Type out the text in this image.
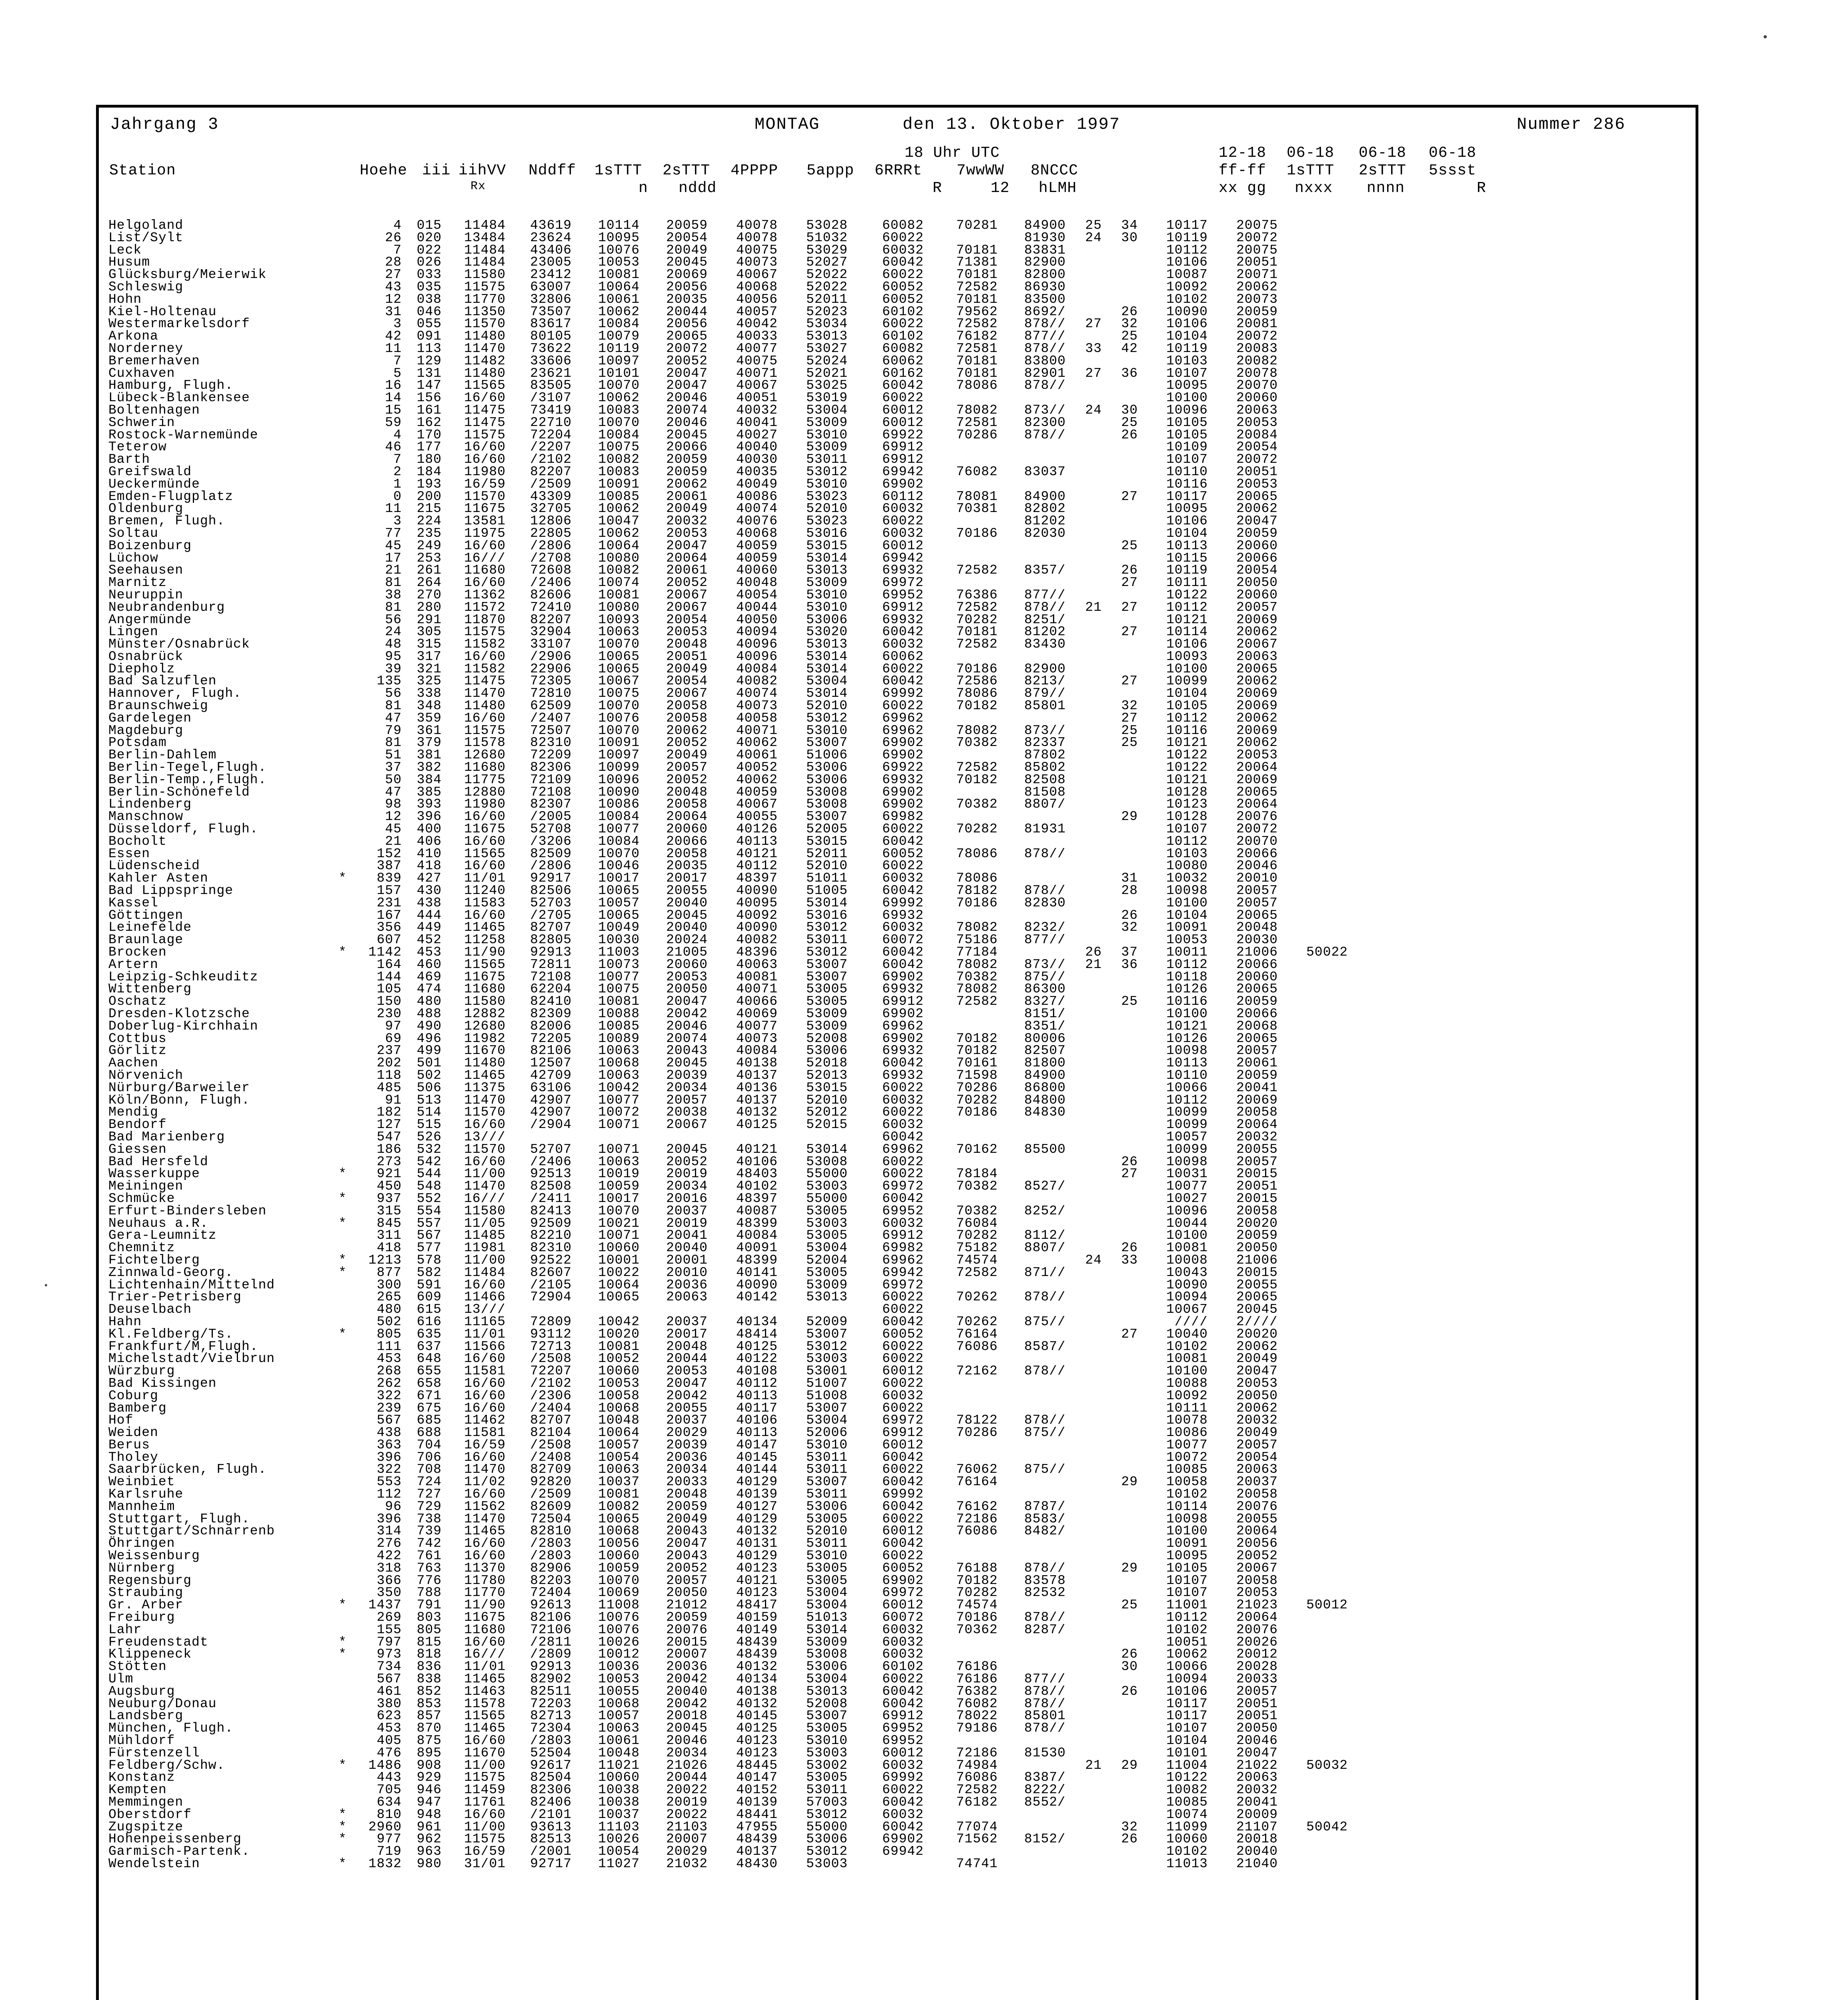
Jahrgang 3	MONTAG	den 13. Oktober 1997	Nummer 286
18 Uhr UTC	12-18 06-18 06-18 06-18
Station	Hoehe iii iihVV Nddff 1sTTT 2sTTT 4PPPP 5appp 6RRRt 7wwWW 8NCCC	ff-ff 1sTTT 2sTTT 5ssst
Rx	n nddd	R	12 hLMH	xx gg nxxx nnnn	R
Helgoland	4	015	11484	43619	10114	20059	40078	53028	60082	70281	84900	25	34	10117	20075	
List/Sylt	26	020	13484	23624	10095	20054	40078	51032	60022		81930	24	30	10119	20072	
Leck	7	022	11484	43406	10076	20049	40075	53029	60032	70181	83831			10112	20075	
Husum	28	026	11484	23005	10053	20045	40073	52027	60042	71381	82900			10106	20051	
Glücksburg/Meierwik	27	033	11580	23412	10081	20069	40067	52022	60022	70181	82800			10087	20071	
Schleswig	43	035	11575	63007	10064	20056	40068	52022	60052	72582	86930			10092	20062	
Hohn	12	038	11770	32806	10061	20035	40056	52011	60052	70181	83500			10102	20073	
Kiel-Holtenau	31	046	11350	73507	10062	20044	40057	52023	60102	79562	8692/		26	10090	20059	
Westermarkelsdorf	3	055	11570	83617	10084	20056	40042	53034	60022	72582	878//	27	32	10106	20081	
Arkona	42	091	11480	80105	10079	20065	40033	53013	60102	76182	877//		25	10104	20072	
Norderney	11	113	11470	73622	10119	20072	40077	53027	60082	72581	878//	33	42	10119	20083	
Bremerhaven	7	129	11482	33606	10097	20052	40075	52024	60062	70181	83800			10103	20082	
Cuxhaven	5	131	11480	23621	10101	20047	40071	52021	60162	70181	82901	27	36	10107	20078	
Hamburg, Flugh.	16	147	11565	83505	10070	20047	40067	53025	60042	78086	878//			10095	20070	
Lübeck-Blankensee	14	156	16/60	/3107	10062	20046	40051	53019	60022					10100	20060	
Boltenhagen	15	161	11475	73419	10083	20074	40032	53004	60012	78082	873//	24	30	10096	20063	
Schwerin	59	162	11475	22710	10070	20046	40041	53009	60012	72581	82300		25	10105	20053	
Rostock-Warnemünde	4	170	11575	72204	10084	20045	40027	53010	69922	70286	878//		26	10105	20084	
Teterow	46	177	16/60	/2207	10075	20066	40040	53009	69912					10109	20054	
Barth	7	180	16/60	/2102	10082	20059	40030	53011	69912					10107	20072	
Greifswald	2	184	11980	82207	10083	20059	40035	53012	69942	76082	83037			10110	20051	
Ueckermünde	1	193	16/59	/2509	10091	20062	40049	53010	69902					10116	20053	
Emden-Flugplatz	0	200	11570	43309	10085	20061	40086	53023	60112	78081	84900		27	10117	20065	
Oldenburg	11	215	11675	32705	10062	20049	40074	52010	60032	70381	82802			10095	20062	
Bremen, Flugh.	3	224	13581	12806	10047	20032	40076	53023	60022		81202			10106	20047	
Soltau	77	235	11975	22805	10062	20053	40068	53016	60032	70186	82030			10104	20059	
Boizenburg	45	249	16/60	/2806	10064	20047	40059	53015	60012				25	10113	20060	
Lüchow	17	253	16///	/2708	10080	20064	40059	53014	69942					10115	20066	
Seehausen	21	261	11680	72608	10082	20061	40060	53013	69932	72582	8357/		26	10119	20054	
Marnitz	81	264	16/60	/2406	10074	20052	40048	53009	69972				27	10111	20050	
Neuruppin	38	270	11362	82606	10081	20067	40054	53010	69952	76386	877//			10122	20060	
Neubrandenburg	81	280	11572	72410	10080	20067	40044	53010	69912	72582	878//	21	27	10112	20057	
Angermünde	56	291	11870	82207	10093	20054	40050	53006	69932	70282	8251/			10121	20069	
Lingen	24	305	11575	32904	10063	20053	40094	53020	60042	70181	81202		27	10114	20062	
Münster/Osnabrück	48	315	11582	33107	10070	20048	40096	53013	60032	72582	83430			10106	20067	
Osnabrück	95	317	16/60	/2906	10065	20051	40096	53014	60062					10093	20063	
Diepholz	39	321	11582	22906	10065	20049	40084	53014	60022	70186	82900			10100	20065	
Bad Salzuflen	135	325	11475	72305	10067	20054	40082	53004	60042	72586	8213/		27	10099	20062	
Hannover, Flugh.	56	338	11470	72810	10075	20067	40074	53014	69992	78086	879//			10104	20069	
Braunschweig	81	348	11480	62509	10070	20058	40073	52010	60022	70182	85801		32	10105	20069	
Gardelegen	47	359	16/60	/2407	10076	20058	40058	53012	69962				27	10112	20062	
Magdeburg	79	361	11575	72507	10070	20062	40071	53010	69962	78082	873//		25	10116	20069	
Potsdam	81	379	11578	82310	10091	20052	40062	53007	69902	70382	82337		25	10121	20062	
Berlin-Dahlem	51	381	12680	72209	10097	20049	40061	51006	69902		87802			10122	20053	
Berlin-Tegel,Flugh.	37	382	11680	82306	10099	20057	40052	53006	69922	72582	85802			10122	20064	
Berlin-Temp.,Flugh.	50	384	11775	72109	10096	20052	40062	53006	69932	70182	82508			10121	20069	
Berlin-Schönefeld	47	385	12880	72108	10090	20048	40059	53008	69902		81508			10128	20065	
Lindenberg	98	393	11980	82307	10086	20058	40067	53008	69902	70382	8807/			10123	20064	
Manschnow	12	396	16/60	/2005	10084	20064	40055	53007	69982				29	10128	20076	
Düsseldorf, Flugh.	45	400	11675	52708	10077	20060	40126	52005	60022	70282	81931			10107	20072	
Bocholt	21	406	16/60	/3206	10084	20066	40113	53015	60042					10112	20070	
Essen	152	410	11565	82509	10070	20058	40121	52011	60052	78086	878//			10103	20066	
Lüdenscheid	387	418	16/60	/2806	10046	20035	40112	52010	60022					10080	20046	
Kahler Asten *	839	427	11/01	92917	10017	20017	48397	51011	60032	78086			31	10032	20010	
Bad Lippspringe	157	430	11240	82506	10065	20055	40090	51005	60042	78182	878//		28	10098	20057	
Kassel	231	438	11583	52703	10057	20040	40095	53014	69992	70186	82830			10100	20057	
Göttingen	167	444	16/60	/2705	10065	20045	40092	53016	69932				26	10104	20065	
Leinefelde	356	449	11465	82707	10049	20040	40090	53012	60032	78082	8232/		32	10091	20048	
Braunlage	607	452	11258	82805	10030	20024	40082	53011	60072	75186	877//			10053	20030	
Brocken *	1142	453	11/90	92913	11003	21005	48396	53012	60042	77184		26	37	10011	21006	50022
Artern	164	460	11565	72811	10073	20060	40063	53007	60042	78082	873//	21	36	10112	20066	
Leipzig-Schkeuditz	144	469	11675	72108	10077	20053	40081	53007	69902	70382	875//			10118	20060	
Wittenberg	105	474	11680	62204	10075	20050	40071	53005	69932	78082	86300			10126	20065	
Oschatz	150	480	11580	82410	10081	20047	40066	53005	69912	72582	8327/		25	10116	20059	
Dresden-Klotzsche	230	488	12882	82309	10088	20042	40069	53009	69902		8151/			10100	20066	
Doberlug-Kirchhain	97	490	12680	82006	10085	20046	40077	53009	69962		8351/			10121	20068	
Cottbus	69	496	11982	72205	10089	20074	40073	52008	69902	70182	80006			10126	20065	
Görlitz	237	499	11670	82106	10063	20043	40084	53006	69932	70182	82507			10098	20057	
Aachen	202	501	11480	12507	10068	20045	40138	52018	60042	70161	81800			10113	20061	
Nörvenich	118	502	11465	42709	10063	20039	40137	52013	69932	71598	84900			10110	20059	
Nürburg/Barweiler	485	506	11375	63106	10042	20034	40136	53015	60022	70286	86800			10066	20041	
Köln/Bonn, Flugh.	91	513	11470	42907	10077	20057	40137	52010	60032	70282	84800			10112	20069	
Mendig	182	514	11570	42907	10072	20038	40132	52012	60022	70186	84830			10099	20058	
Bendorf	127	515	16/60	/2904	10071	20067	40125	52015	60032					10099	20064	
Bad Marienberg	547	526	13///						60042					10057	20032	
Giessen	186	532	11570	52707	10071	20045	40121	53014	69962	70162	85500			10099	20055	
Bad Hersfeld	273	542	16/60	/2406	10063	20052	40106	53008	60022				26	10098	20057	
Wasserkuppe *	921	544	11/00	92513	10019	20019	48403	55000	60022	78184			27	10031	20015	
Meiningen	450	548	11470	82508	10059	20034	40102	53003	69972	70382	8527/			10077	20051	
Schmücke *	937	552	16///	/2411	10017	20016	48397	55000	60042					10027	20015	
Erfurt-Bindersleben	315	554	11580	82413	10070	20037	40087	53005	69952	70382	8252/			10096	20058	
Neuhaus a.R. *	845	557	11/05	92509	10021	20019	48399	53003	60032	76084				10044	20020	
Gera-Leumnitz	311	567	11485	82210	10071	20041	40084	53005	69912	70282	8112/			10100	20059	
Chemnitz	418	577	11981	82310	10060	20040	40091	53004	69982	75182	8807/		26	10081	20050	
Fichtelberg *	1213	578	11/00	92522	10001	20001	48399	52004	69962	74574		24	33	10008	21006	
Zinnwald-Georg. *	877	582	11484	82607	10022	20010	40141	53005	69942	72582	871//			10043	20015	
Lichtenhain/Mittelnd	300	591	16/60	/2105	10064	20036	40090	53009	69972					10090	20055	
Trier-Petrisberg	265	609	11466	72904	10065	20063	40142	53013	60022	70262	878//			10094	20065	
Deuselbach	480	615	13///						60022					10067	20045	
Hahn	502	616	11165	72809	10042	20037	40134	52009	60042	70262	875//			////	2////	
Kl.Feldberg/Ts. *	805	635	11/01	93112	10020	20017	48414	53007	60052	76164			27	10040	20020	
Frankfurt/M,Flugh.	111	637	11566	72713	10081	20048	40125	53012	60022	76086	8587/			10102	20062	
Michelstadt/Vielbrun	453	648	16/60	/2508	10052	20044	40122	53003	60022					10081	20049	
Würzburg	268	655	11581	72207	10060	20053	40108	53001	60012	72162	878//			10100	20047	
Bad Kissingen	262	658	16/60	/2102	10053	20047	40112	51007	60022					10088	20053	
Coburg	322	671	16/60	/2306	10058	20042	40113	51008	60032					10092	20050	
Bamberg	239	675	16/60	/2404	10068	20055	40117	53007	60022					10111	20062	
Hof	567	685	11462	82707	10048	20037	40106	53004	69972	78122	878//			10078	20032	
Weiden	438	688	11581	82104	10064	20029	40113	52006	69912	70286	875//			10086	20049	
Berus	363	704	16/59	/2508	10057	20039	40147	53010	60012					10077	20057	
Tholey	396	706	16/60	/2408	10054	20036	40145	53011	60042					10072	20054	
Saarbrücken, Flugh.	322	708	11470	82709	10063	20034	40144	53011	60022	76062	875//			10085	20063	
Weinbiet	553	724	11/02	92820	10037	20033	40129	53007	60042	76164			29	10058	20037	
Karlsruhe	112	727	16/60	/2509	10081	20048	40139	53011	69992					10102	20058	
Mannheim	96	729	11562	82609	10082	20059	40127	53006	60042	76162	8787/			10114	20076	
Stuttgart, Flugh.	396	738	11470	72504	10065	20049	40129	53005	60022	72186	8583/			10098	20055	
Stuttgart/Schnarrenb	314	739	11465	82810	10068	20043	40132	52010	60012	76086	8482/			10100	20064	
Öhringen	276	742	16/60	/2803	10056	20047	40131	53011	60042					10091	20056	
Weissenburg	422	761	16/60	/2803	10060	20043	40129	53010	60022					10095	20052	
Nürnberg	318	763	11370	82906	10059	20052	40123	53005	60052	76188	878//		29	10105	20067	
Regensburg	366	776	11780	82203	10070	20057	40121	53005	69902	70182	83578			10107	20058	
Straubing	350	788	11770	72404	10069	20050	40123	53004	69972	70282	82532			10107	20053	
Gr. Arber *	1437	791	11/90	92613	11008	21012	48417	53004	60012	74574			25	11001	21023	50012
Freiburg	269	803	11675	82106	10076	20059	40159	51013	60072	70186	878//			10112	20064	
Lahr	155	805	11680	72106	10076	20076	40149	53014	60032	70362	8287/			10102	20076	
Freudenstadt *	797	815	16/60	/2811	10026	20015	48439	53009	60032					10051	20026	
Klippeneck *	973	818	16///	/2809	10012	20007	48439	53008	60032				26	10062	20012	
Stötten	734	836	11/01	92913	10036	20036	40132	53006	60102	76186			30	10066	20028	
Ulm	567	838	11465	82902	10053	20042	40134	53004	60022	76186	877//			10094	20033	
Augsburg	461	852	11463	82511	10055	20040	40138	53013	60042	76382	878//		26	10106	20057	
Neuburg/Donau	380	853	11578	72203	10068	20042	40132	52008	60042	76082	878//			10117	20051	
Landsberg	623	857	11565	82713	10057	20018	40145	53007	69912	78022	85801			10117	20051	
München, Flugh.	453	870	11465	72304	10063	20045	40125	53005	69952	79186	878//			10107	20050	
Mühldorf	405	875	16/60	/2803	10061	20046	40123	53010	69952					10104	20046	
Fürstenzell	476	895	11670	52504	10048	20034	40123	53003	60012	72186	81530			10101	20047	
Feldberg/Schw. *	1486	908	11/00	92617	11021	21026	48445	53002	60032	74984		21	29	11004	21022	50032
Konstanz	443	929	11575	82504	10060	20044	40147	53005	69992	76086	8387/			10122	20063	
Kempten	705	946	11459	82306	10038	20022	40152	53011	60022	72582	8222/			10082	20032	
Memmingen	634	947	11761	82406	10038	20019	40139	57003	60042	76182	8552/			10085	20041	
Oberstdorf *	810	948	16/60	/2101	10037	20022	48441	53012	60032					10074	20009	
Zugspitze *	2960	961	11/00	93613	11103	21103	47955	55000	60042	77074			32	11099	21107	50042
Hohenpeissenberg *	977	962	11575	82513	10026	20007	48439	53006	69902	71562	8152/		26	10060	20018	
Garmisch-Partenk.	719	963	16/59	/2001	10054	20029	40137	53012	69942					10102	20040	
Wendelstein *	1832	980	31/01	92717	11027	21032	48430	53003		74741				11013	21040	
